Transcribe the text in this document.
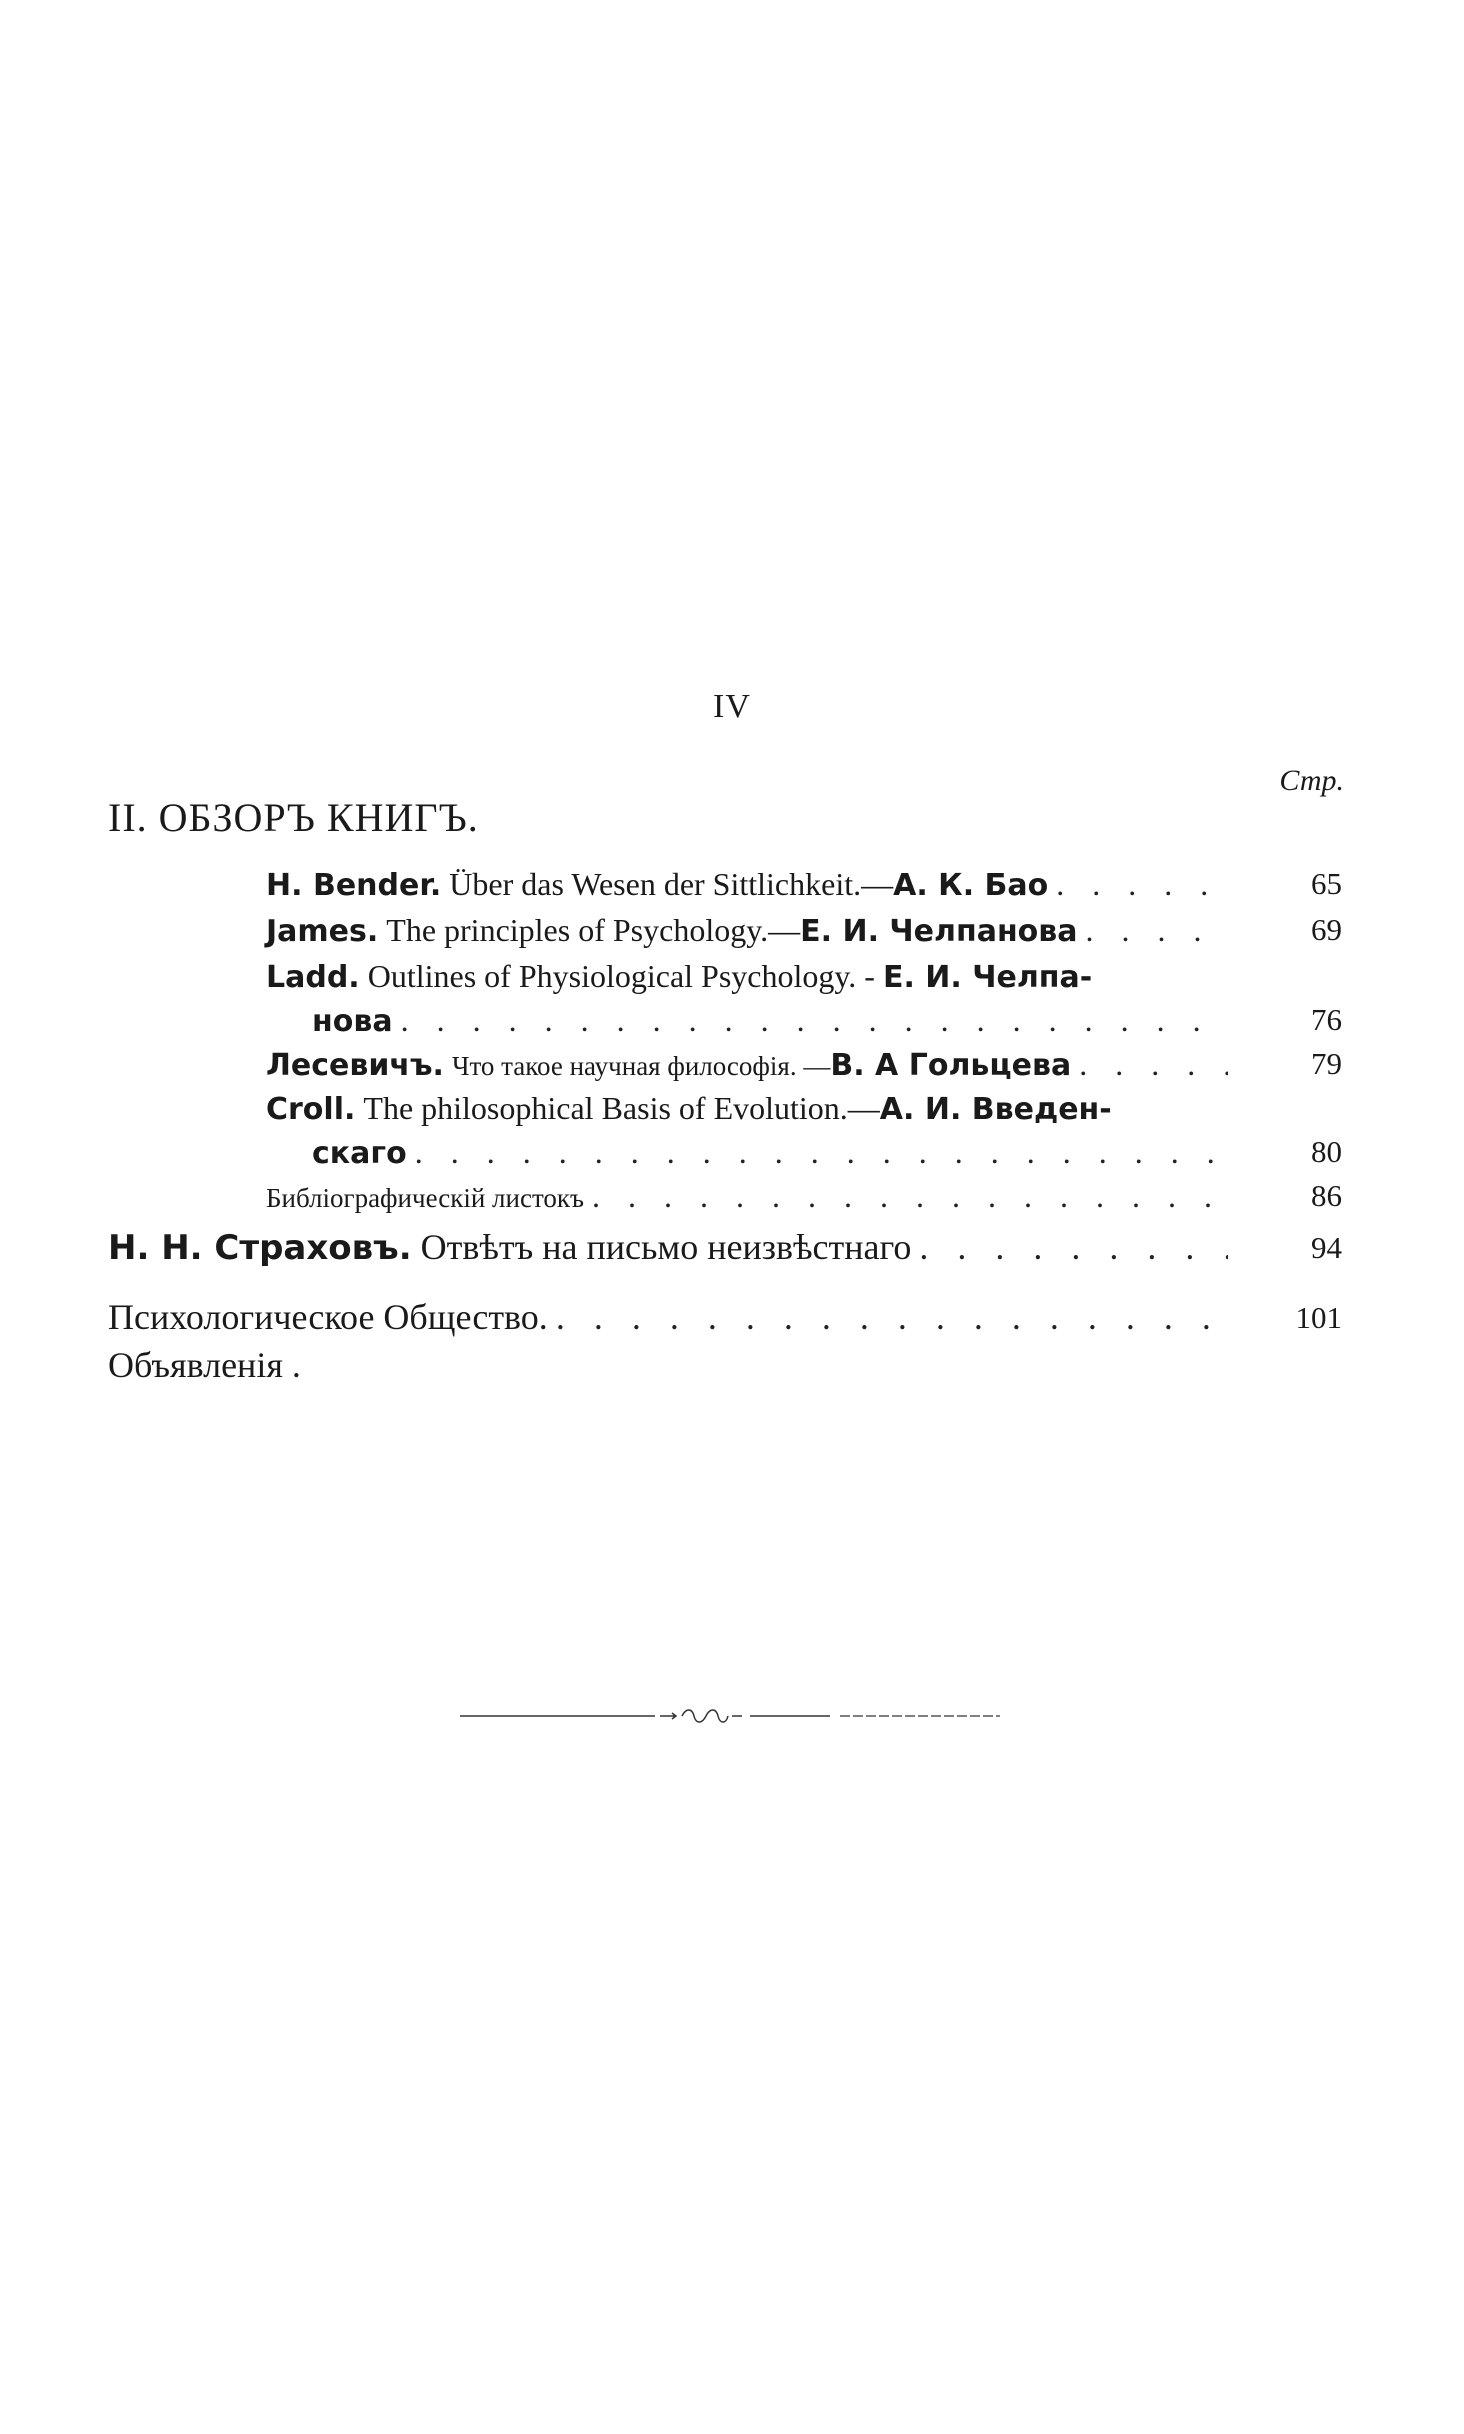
IV
Стр.
II. ОБЗОРЪ КНИГЪ.
H. Bender. Über das Wesen der Sittlichkeit.—А. К. Бао . . .	65
James. The principles of Psychology.—Е. И. Челпанова . . .	69
Ladd. Outlines of Physiological Psychology. - Е. И. Челпа-
нова . . .	76
Лесевичъ. Что такое научная философія. —В. А Гольцева . . .	79
Croll. The philosophical Basis of Evolution.—А. И. Введен-
скаго . . .	80
Библіографическій листокъ . . .	86
Н. Н. Страховъ. Отвѣтъ на письмо неизвѣстнаго . . .	94
Психологическое Общество. . . .	101
Объявленія .
